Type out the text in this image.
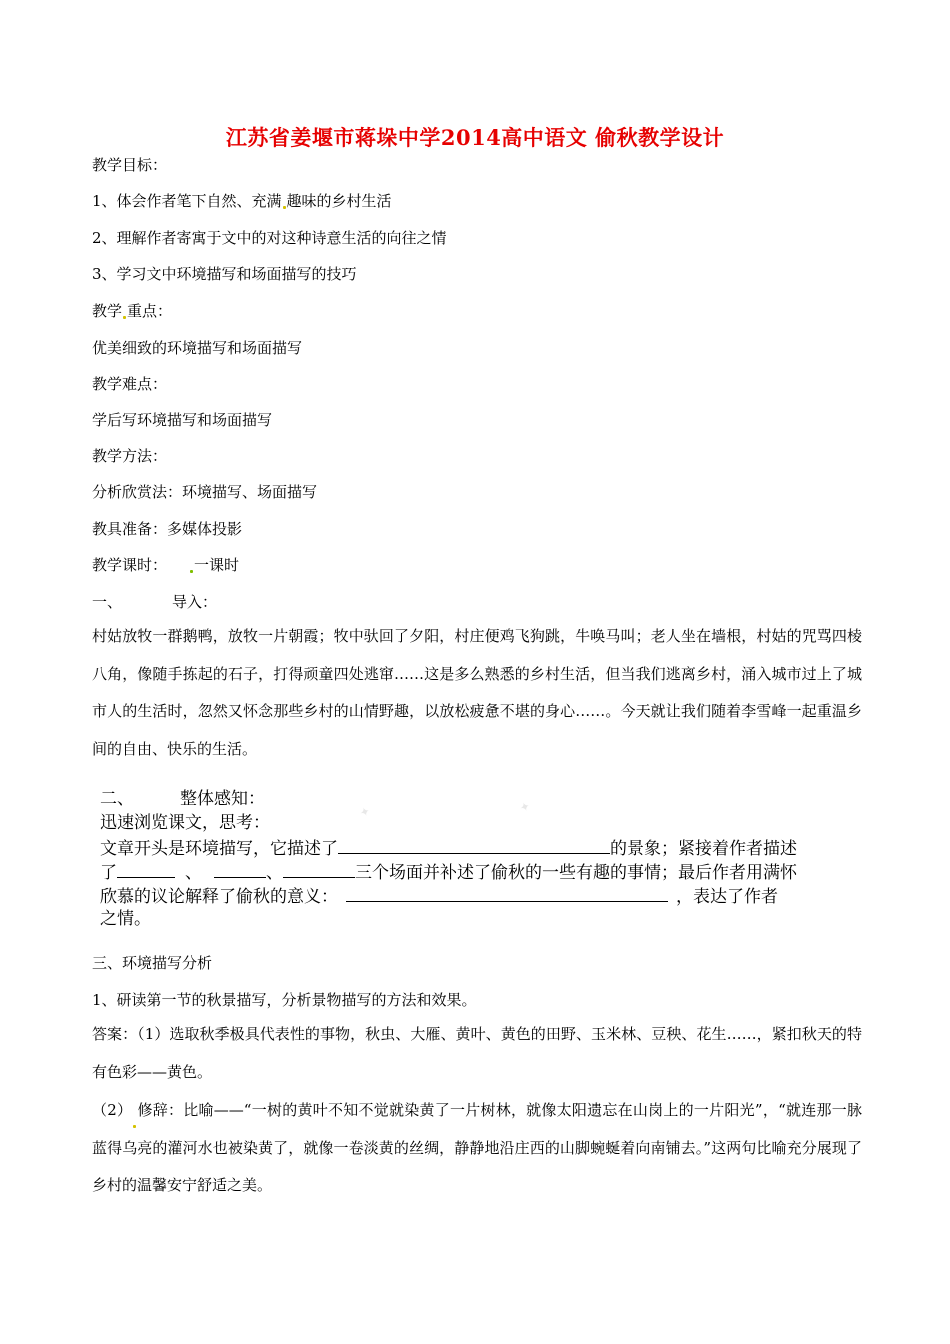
江苏省姜堰市蒋垛中学2014高中语文 偷秋教学设计
教学目标：
1、体会作者笔下自然、充满 趣味的乡村生活
2、理解作者寄寓于文中的对这种诗意生活的向往之情
3、学习文中环境描写和场面描写的技巧
教学 重点：
优美细致的环境描写和场面描写
教学难点：
学后写环境描写和场面描写
教学方法：
分析欣赏法：环境描写、场面描写
教具准备：多媒体投影
教学课时： 一课时
一、	导入：
村姑放牧一群鹅鸭，放牧一片朝霞；牧中驮回了夕阳，村庄便鸡飞狗跳，牛唤马叫；老人坐在墙根，村姑的咒骂四棱八角，像随手拣起的石子，打得顽童四处逃窜……这是多么熟悉的乡村生活，但当我们逃离乡村，涌入城市过上了城市人的生活时，忽然又怀念那些乡村的山情野趣，以放松疲惫不堪的身心……。今天就让我们随着李雪峰一起重温乡间的自由、快乐的生活。
✦	✦
二、	整体感知：
迅速浏览课文，思考：
文章开头是环境描写，它描述了	的景象；紧接着作者描述
了	、	、	三个场面并补述了偷秋的一些有趣的事情；最后作者用满怀
欣慕的议论解释了偷秋的意义：	，表达了作者
之情。
三、环境描写分析
1、研读第一节的秋景描写，分析景物描写的方法和效果。
答案：（1）选取秋季极具代表性的事物，秋虫、大雁、黄叶、黄色的田野、玉米林、豆秧、花生……，紧扣秋天的特有色彩——黄色。
（2） 修辞：比喻——“一树的黄叶不知不觉就染黄了一片树林，就像太阳遗忘在山岗上的一片阳光”，“就连那一脉蓝得乌亮的灌河水也被染黄了，就像一卷淡黄的丝绸，静静地沿庄西的山脚蜿蜒着向南铺去。”这两句比喻充分展现了乡村的温馨安宁舒适之美。
